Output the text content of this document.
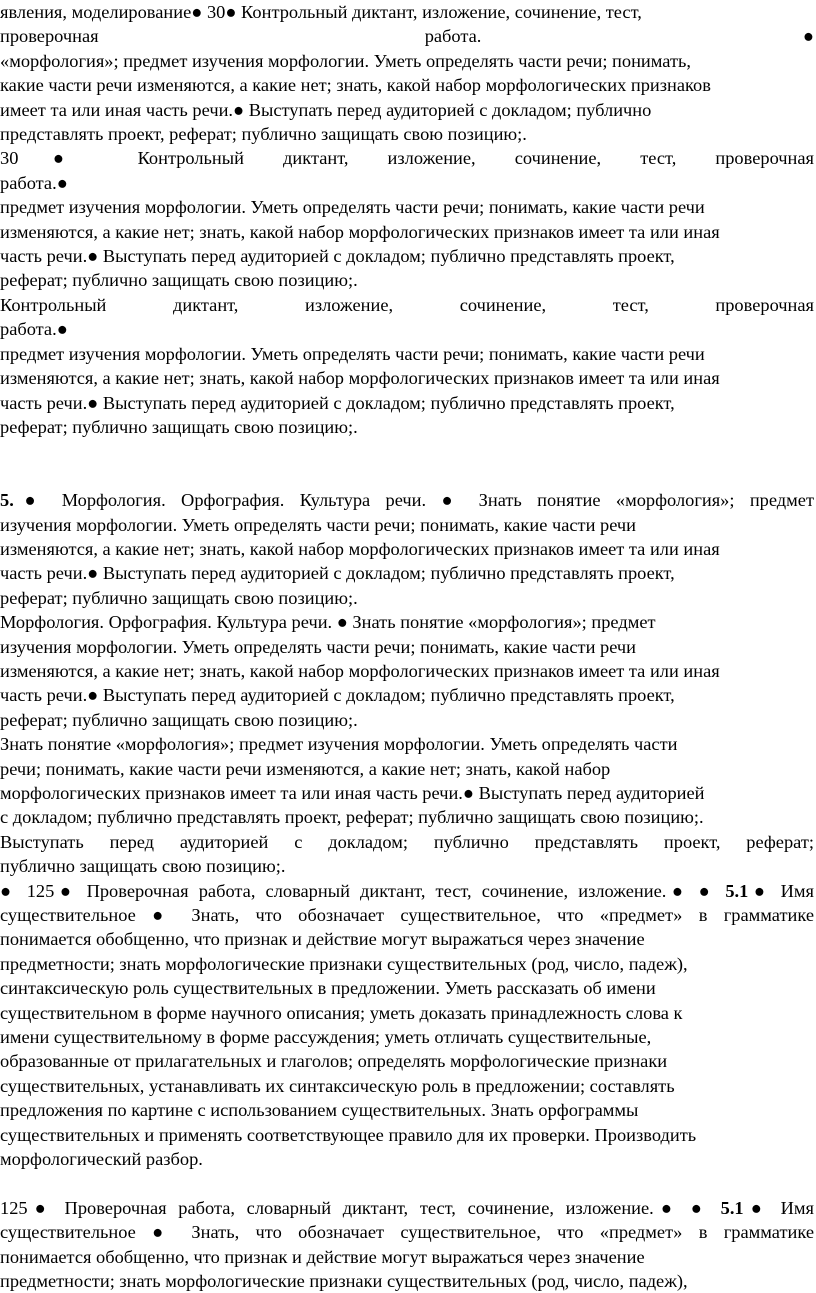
явления, моделирование● 30● Контрольный диктант, изложение, сочинение, тест,

проверочная работа.●

«морфология»; предмет изучения морфологии. Уметь определять части речи; понимать,

какие части речи изменяются, а какие нет; знать, какой набор морфологических признаков

имеет та или иная часть речи.● Выступать перед аудиторией с докладом; публично

представлять проект, реферат; публично защищать свою позицию;.

30● Контрольный диктант, изложение, сочинение, тест, проверочная

работа.●

предмет изучения морфологии. Уметь определять части речи; понимать, какие части речи

изменяются, а какие нет; знать, какой набор морфологических признаков имеет та или иная

часть речи.● Выступать перед аудиторией с докладом; публично представлять проект,

реферат; публично защищать свою позицию;.

Контрольный диктант, изложение, сочинение, тест, проверочная

работа.●

предмет изучения морфологии. Уметь определять части речи; понимать, какие части речи

изменяются, а какие нет; знать, какой набор морфологических признаков имеет та или иная

часть речи.● Выступать перед аудиторией с докладом; публично представлять проект,

реферат; публично защищать свою позицию;.

5.● Морфология. Орфография. Культура речи. ● Знать понятие «морфология»; предмет

изучения морфологии. Уметь определять части речи; понимать, какие части речи

изменяются, а какие нет; знать, какой набор морфологических признаков имеет та или иная

часть речи.● Выступать перед аудиторией с докладом; публично представлять проект,

реферат; публично защищать свою позицию;.

Морфология. Орфография. Культура речи. ● Знать понятие «морфология»; предмет

изучения морфологии. Уметь определять части речи; понимать, какие части речи

изменяются, а какие нет; знать, какой набор морфологических признаков имеет та или иная

часть речи.● Выступать перед аудиторией с докладом; публично представлять проект,

реферат; публично защищать свою позицию;.

Знать понятие «морфология»; предмет изучения морфологии. Уметь определять части

речи; понимать, какие части речи изменяются, а какие нет; знать, какой набор

морфологических признаков имеет та или иная часть речи.● Выступать перед аудиторией

с докладом; публично представлять проект, реферат; публично защищать свою позицию;.

Выступать перед аудиторией с докладом; публично представлять проект, реферат;

публично защищать свою позицию;.

● 125● Проверочная работа, словарный диктант, тест, сочинение, изложение.● ● 5.1● Имя

существительное ● Знать, что обозначает существительное, что «предмет» в грамматике

понимается обобщенно, что признак и действие могут выражаться через значение

предметности; знать морфологические признаки существительных (род, число, падеж),

синтаксическую роль существительных в предложении. Уметь рассказать об имени

существительном в форме научного описания; уметь доказать принадлежность слова к

имени существительному в форме рассуждения; уметь отличать существительные,

образованные от прилагательных и глаголов; определять морфологические признаки

существительных, устанавливать их синтаксическую роль в предложении; составлять

предложения по картине с использованием существительных. Знать орфограммы

существительных и применять соответствующее правило для их проверки. Производить

морфологический разбор.

125● Проверочная работа, словарный диктант, тест, сочинение, изложение.● ● 5.1● Имя

существительное ● Знать, что обозначает существительное, что «предмет» в грамматике

понимается обобщенно, что признак и действие могут выражаться через значение

предметности; знать морфологические признаки существительных (род, число, падеж),
